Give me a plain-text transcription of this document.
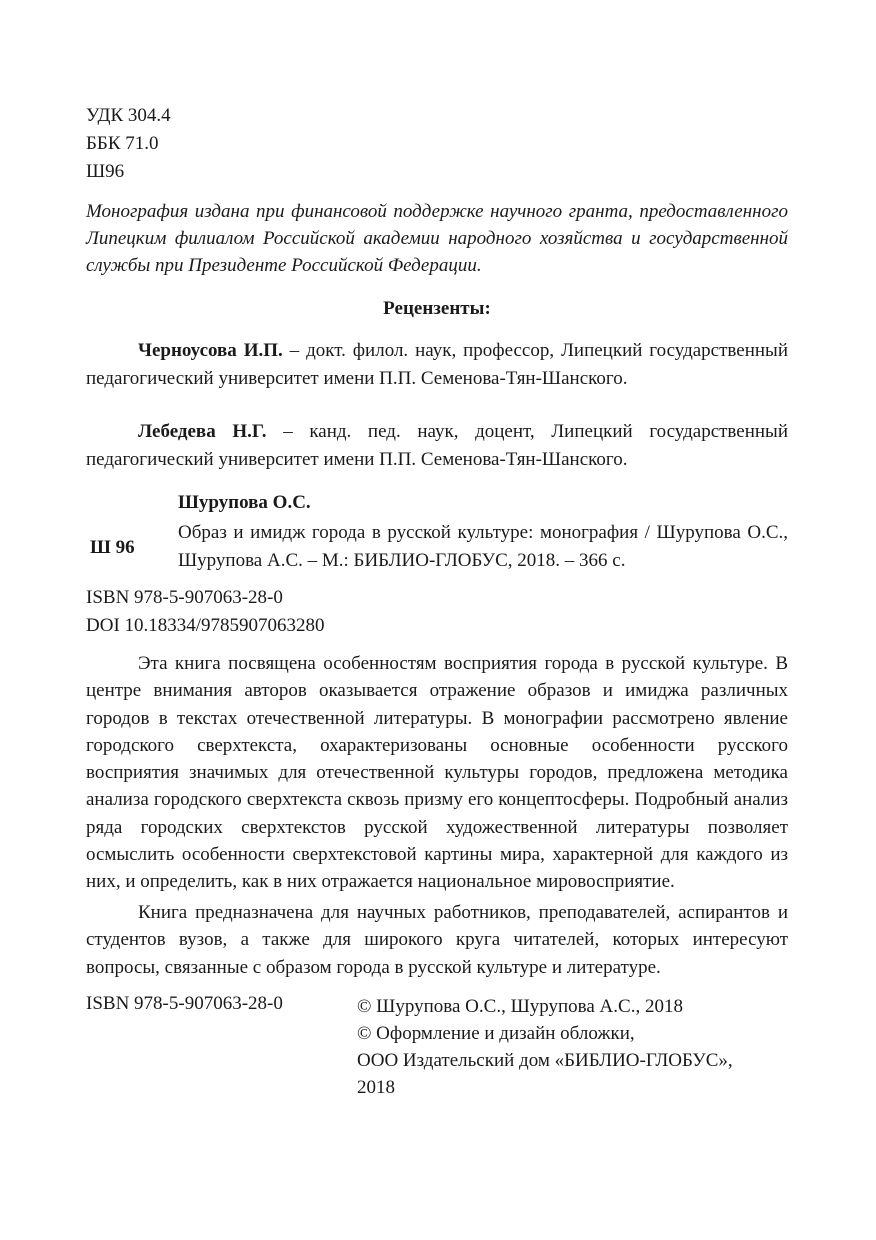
УДК 304.4
ББК 71.0
Ш96
Монография издана при финансовой поддержке научного гранта, предоставленного Липецким филиалом Российской академии народного хозяйства и государственной службы при Президенте Российской Федерации.
Рецензенты:
Черноусова И.П. – докт. филол. наук, профессор, Липецкий государственный педагогический университет имени П.П. Семенова-Тян-Шанского.
Лебедева Н.Г. – канд. пед. наук, доцент, Липецкий государственный педагогический университет имени П.П. Семенова-Тян-Шанского.
Ш 96
Шурупова О.С.
Образ и имидж города в русской культуре: монография / Шурупова О.С., Шурупова А.С. – М.: БИБЛИО-ГЛОБУС, 2018. – 366 с.
ISBN 978-5-907063-28-0
DOI 10.18334/9785907063280
Эта книга посвящена особенностям восприятия города в русской культуре. В центре внимания авторов оказывается отражение образов и имиджа различных городов в текстах отечественной литературы. В монографии рассмотрено явление городского сверхтекста, охарактеризованы основные особенности русского восприятия значимых для отечественной культуры городов, предложена методика анализа городского сверхтекста сквозь призму его концептосферы. Подробный анализ ряда городских сверхтекстов русской художественной литературы позволяет осмыслить особенности сверхтекстовой картины мира, характерной для каждого из них, и определить, как в них отражается национальное мировосприятие.
Книга предназначена для научных работников, преподавателей, аспирантов и студентов вузов, а также для широкого круга читателей, которых интересуют вопросы, связанные с образом города в русской культуре и литературе.
ISBN 978-5-907063-28-0	© Шурупова О.С., Шурупова А.С., 2018
© Оформление и дизайн обложки,
ООО Издательский дом «БИБЛИО-ГЛОБУС»,
2018
